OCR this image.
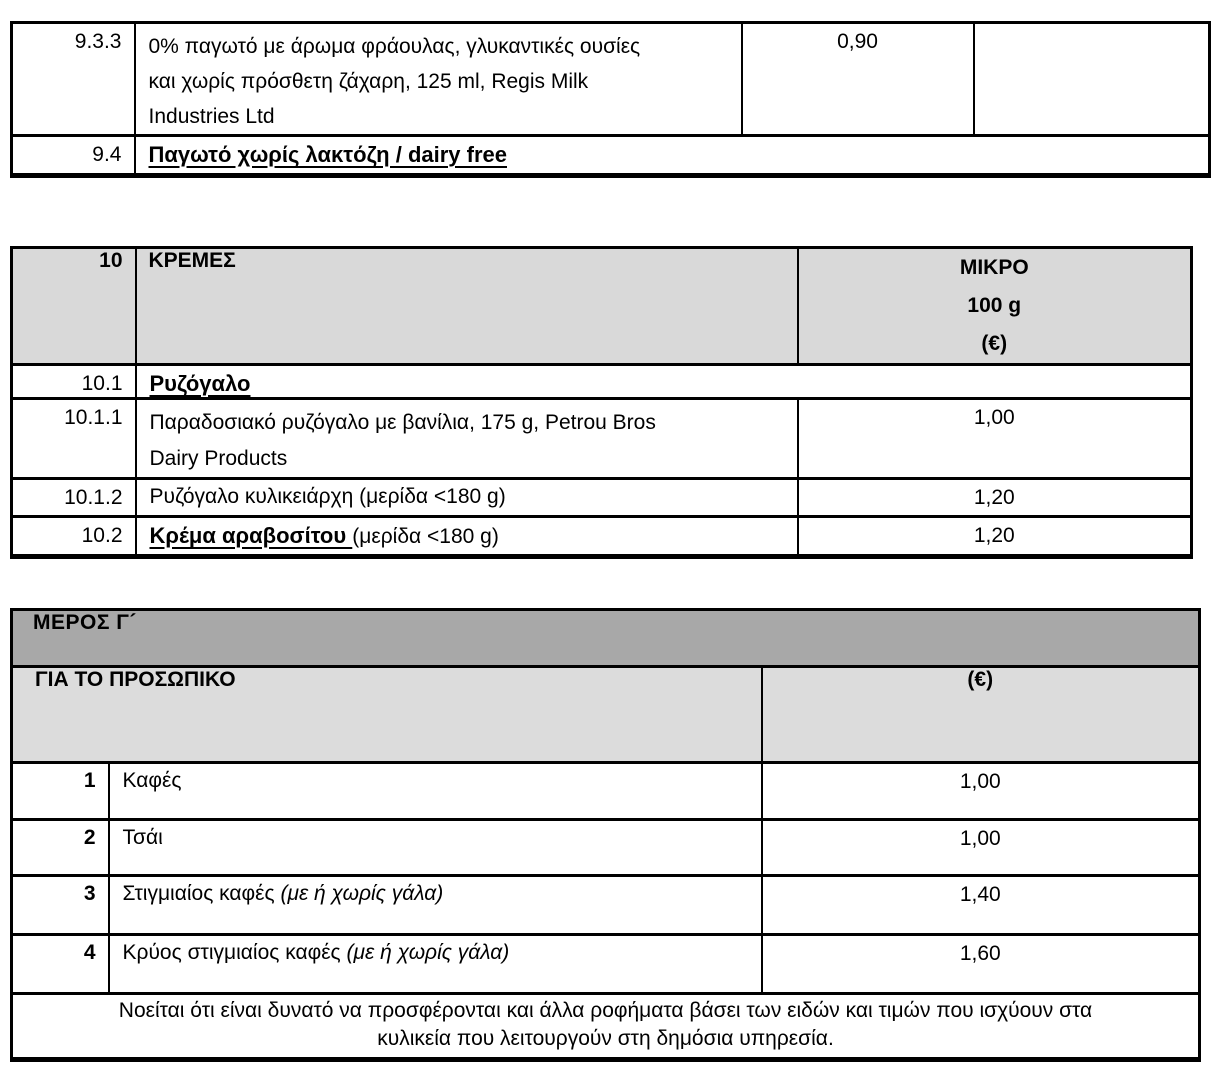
9.3.3	0% παγωτό με άρωμα φράουλας, γλυκαντικές ουσίες
και χωρίς πρόσθετη ζάχαρη, 125 ml, Regis Milk
Industries Ltd	0,90	
9.4	Παγωτό χωρίς λακτόζη / dairy free		
10	ΚΡΕΜΕΣ	ΜΙΚΡΟ
100 g
(€)

10.1	Ρυζόγαλο	
10.1.1	Παραδοσιακό ρυζόγαλο με βανίλια, 175 g, Petrou Bros
Dairy Products	1,00
10.1.2	Ρυζόγαλο κυλικειάρχη (μερίδα <180 g)	1,20
10.2	Κρέμα αραβοσίτου (μερίδα <180 g)	1,20
ΜΕΡΟΣ Γ´		
ΓΙΑ ΤΟ ΠΡΟΣΩΠΙΚΟ		(€)
1	Καφές	1,00
2	Τσάι	1,00
3	Στιγμιαίος καφές (με ή χωρίς γάλα)	1,40
4	Κρύος στιγμιαίος καφές (με ή χωρίς γάλα)	1,60

Νοείται ότι είναι δυνατό να προσφέρονται και άλλα ροφήματα βάσει των ειδών και τιμών που ισχύουν στα
κυλικεία που λειτουργούν στη δημόσια υπηρεσία.		
